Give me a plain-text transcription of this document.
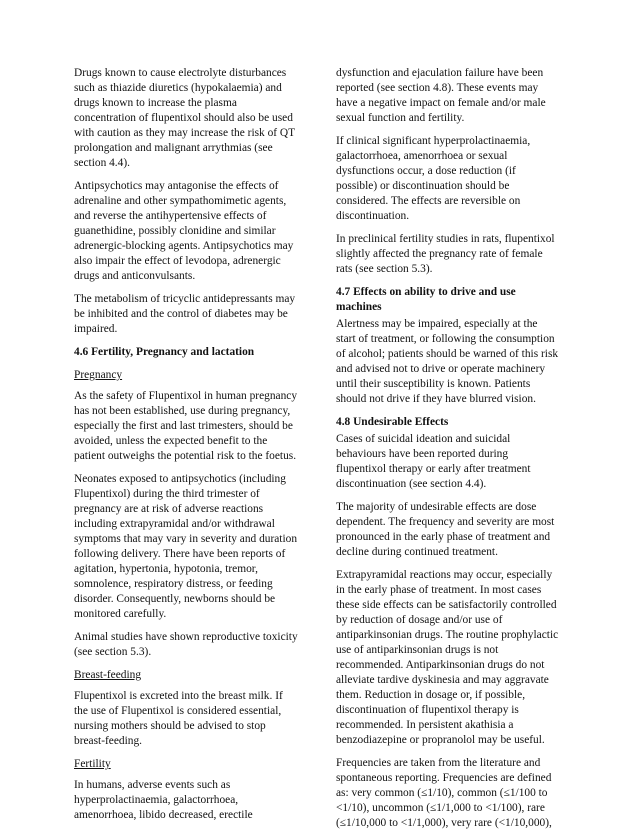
Drugs known to cause electrolyte disturbances
such as thiazide diuretics (hypokalaemia) and
drugs known to increase the plasma
concentration of flupentixol should also be used
with caution as they may increase the risk of QT
prolongation and malignant arrythmias (see
section 4.4).

Antipsychotics may antagonise the effects of
adrenaline and other sympathomimetic agents,
and reverse the antihypertensive effects of
guanethidine, possibly clonidine and similar
adrenergic-blocking agents. Antipsychotics may
also impair the effect of levodopa, adrenergic
drugs and anticonvulsants.

The metabolism of tricyclic antidepressants may
be inhibited and the control of diabetes may be
impaired.

4.6 Fertility, Pregnancy and lactation

Pregnancy

As the safety of Flupentixol in human pregnancy
has not been established, use during pregnancy,
especially the first and last trimesters, should be
avoided, unless the expected benefit to the
patient outweighs the potential risk to the foetus.

Neonates exposed to antipsychotics (including
Flupentixol) during the third trimester of
pregnancy are at risk of adverse reactions
including extrapyramidal and/or withdrawal
symptoms that may vary in severity and duration
following delivery. There have been reports of
agitation, hypertonia, hypotonia, tremor,
somnolence, respiratory distress, or feeding
disorder. Consequently, newborns should be
monitored carefully.

Animal studies have shown reproductive toxicity
(see section 5.3).

Breast-feeding

Flupentixol is excreted into the breast milk. If
the use of Flupentixol is considered essential,
nursing mothers should be advised to stop
breast-feeding.

Fertility

In humans, adverse events such as
hyperprolactinaemia, galactorrhoea,
amenorrhoea, libido decreased, erectile

dysfunction and ejaculation failure have been
reported (see section 4.8). These events may
have a negative impact on female and/or male
sexual function and fertility.

If clinical significant hyperprolactinaemia,
galactorrhoea, amenorrhoea or sexual
dysfunctions occur, a dose reduction (if
possible) or discontinuation should be
considered. The effects are reversible on
discontinuation.

In preclinical fertility studies in rats, flupentixol
slightly affected the pregnancy rate of female
rats (see section 5.3).

4.7 Effects on ability to drive and use
machines

Alertness may be impaired, especially at the
start of treatment, or following the consumption
of alcohol; patients should be warned of this risk
and advised not to drive or operate machinery
until their susceptibility is known. Patients
should not drive if they have blurred vision.

4.8 Undesirable Effects

Cases of suicidal ideation and suicidal
behaviours have been reported during
flupentixol therapy or early after treatment
discontinuation (see section 4.4).

The majority of undesirable effects are dose
dependent. The frequency and severity are most
pronounced in the early phase of treatment and
decline during continued treatment.

Extrapyramidal reactions may occur, especially
in the early phase of treatment. In most cases
these side effects can be satisfactorily controlled
by reduction of dosage and/or use of
antiparkinsonian drugs. The routine prophylactic
use of antiparkinsonian drugs is not
recommended. Antiparkinsonian drugs do not
alleviate tardive dyskinesia and may aggravate
them. Reduction in dosage or, if possible,
discontinuation of flupentixol therapy is
recommended. In persistent akathisia a
benzodiazepine or propranolol may be useful.

Frequencies are taken from the literature and
spontaneous reporting. Frequencies are defined
as: very common (≤1/10), common (≤1/100 to
<1/10), uncommon (≤1/1,000 to <1/100), rare
(≤1/10,000 to <1/1,000), very rare (<1/10,000),
